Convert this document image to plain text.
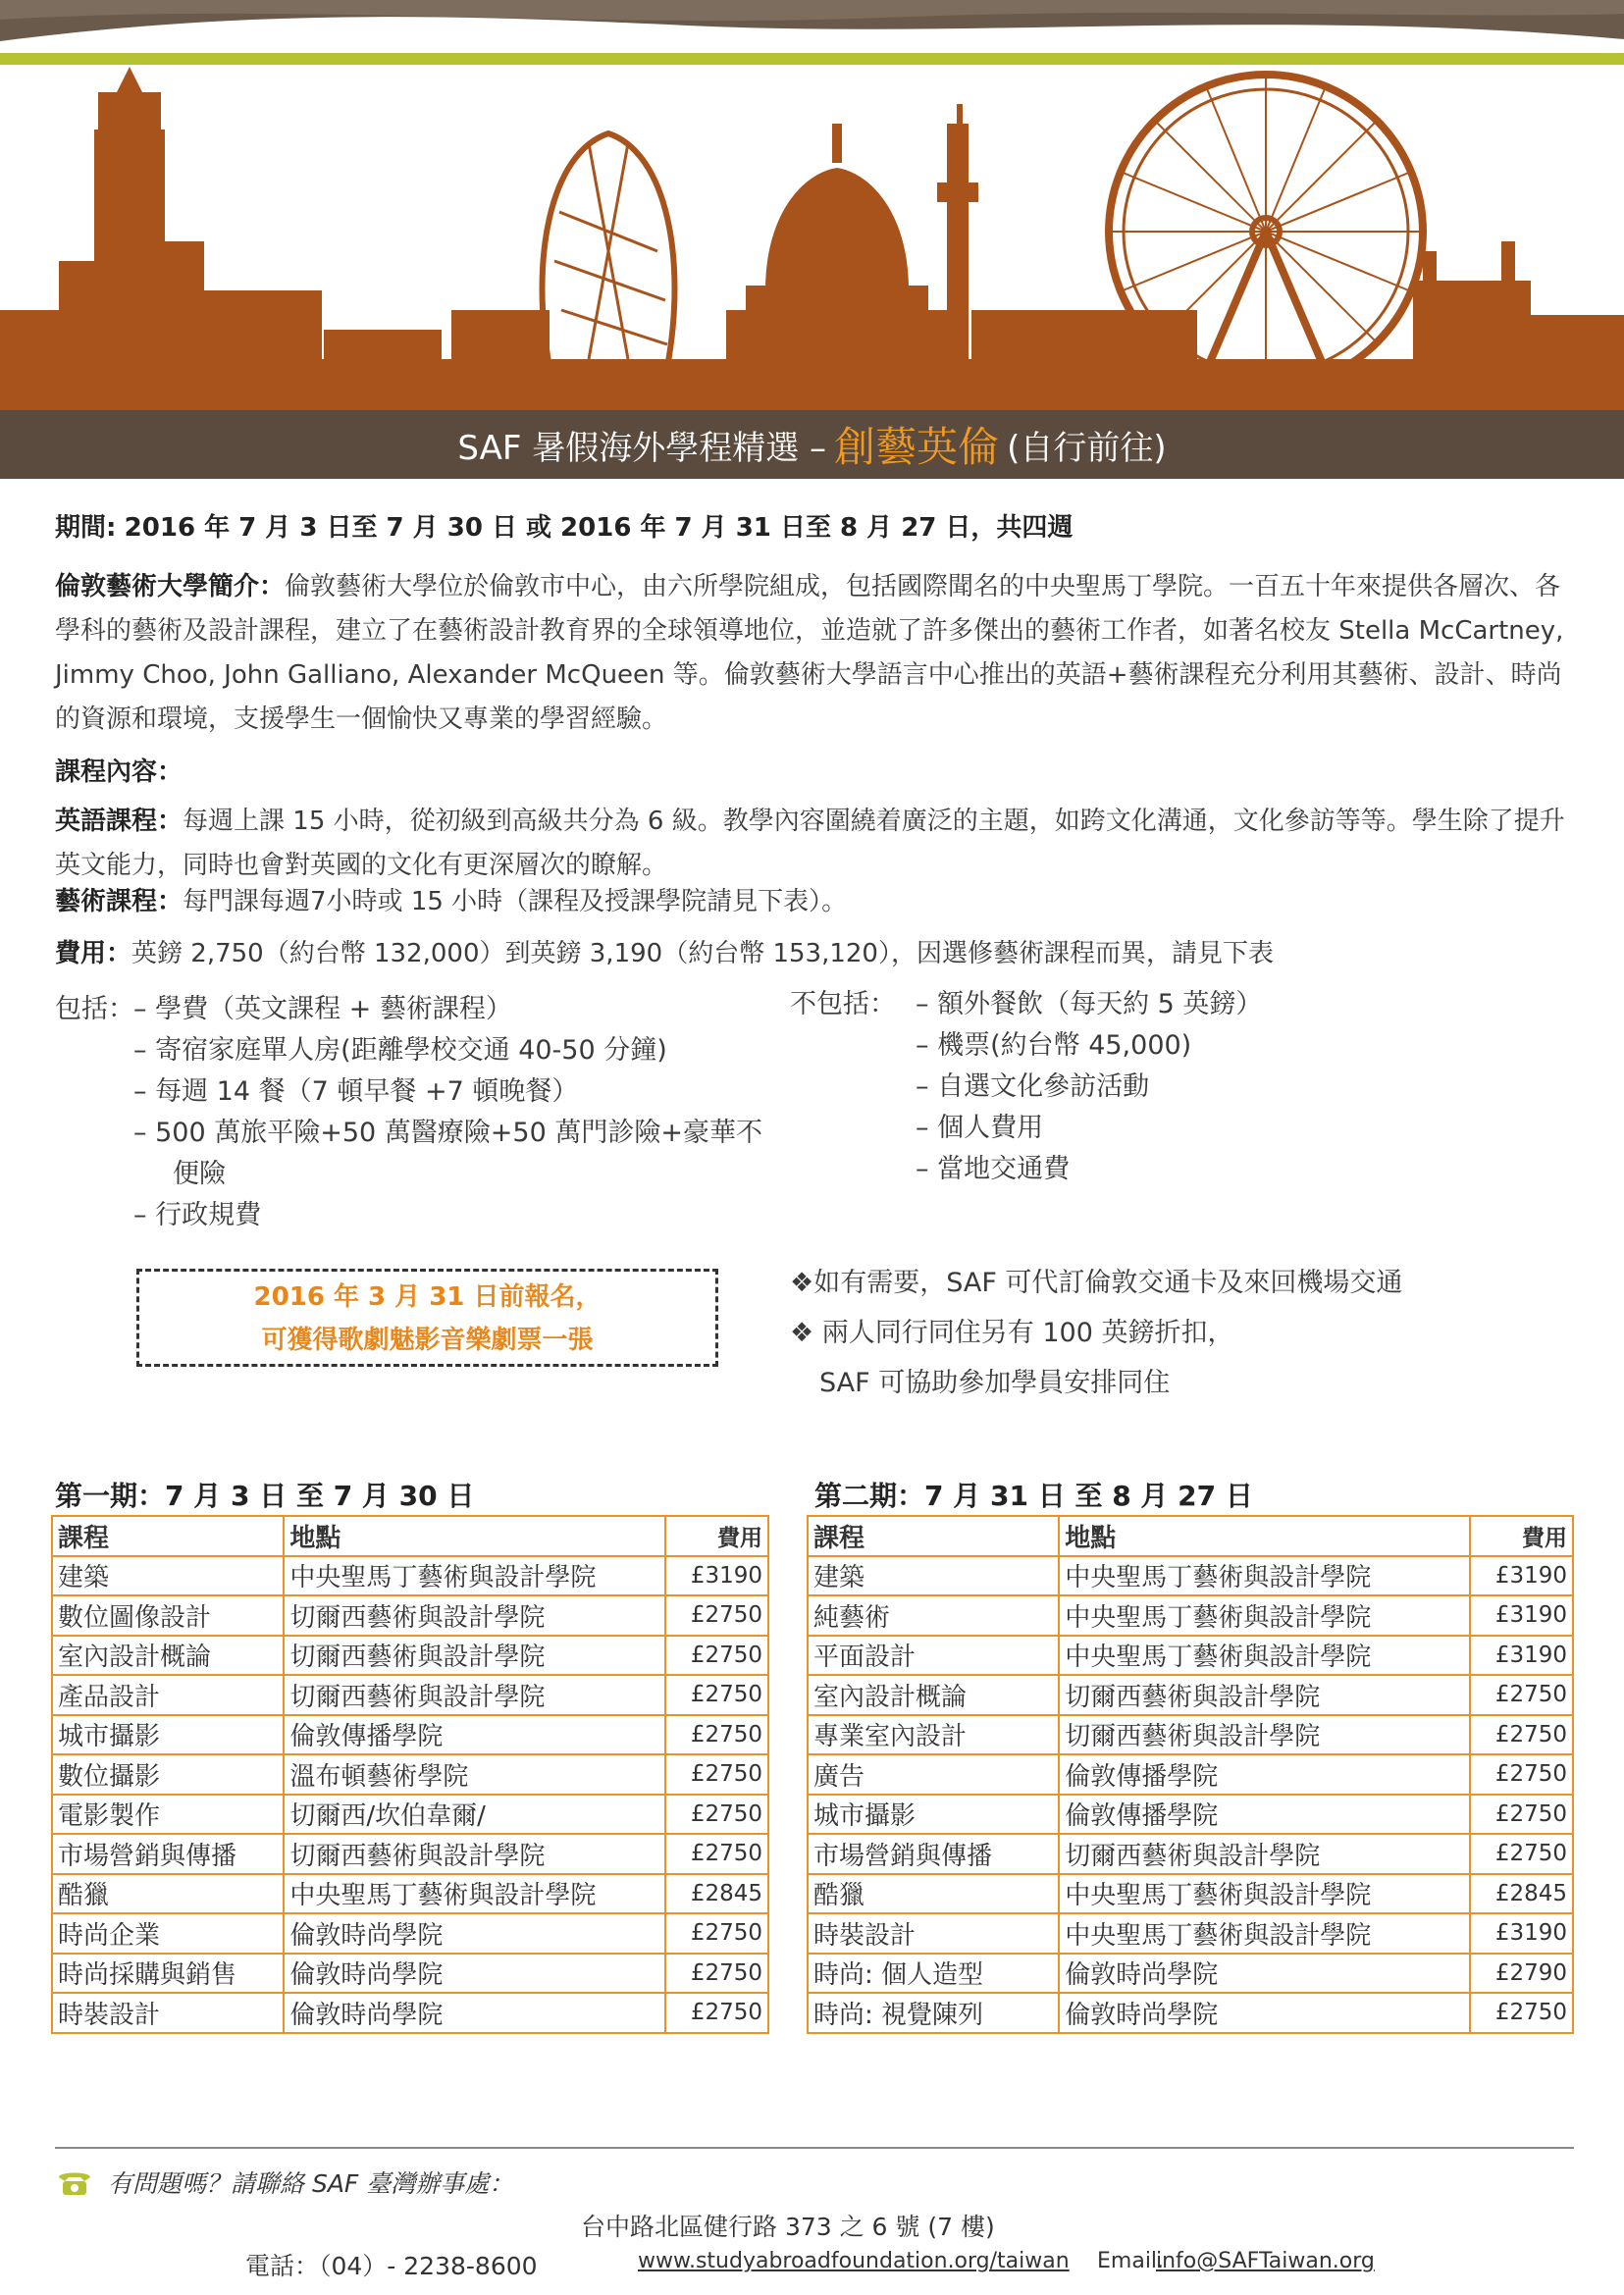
SAF 暑假海外學程精選 – 創藝英倫 (自行前往)
期間: 2016 年 7 月 3 日至 7 月 30 日 或 2016 年 7 月 31 日至 8 月 27 日，共四週
倫敦藝術大學簡介：倫敦藝術大學位於倫敦市中心，由六所學院組成，包括國際聞名的中央聖馬丁學院。一百五十年來提供各層次、各學科的藝術及設計課程，建立了在藝術設計教育界的全球領導地位，並造就了許多傑出的藝術工作者，如著名校友 Stella McCartney, Jimmy Choo, John Galliano, Alexander McQueen 等。倫敦藝術大學語言中心推出的英語+藝術課程充分利用其藝術、設計、時尚的資源和環境，支援學生一個愉快又專業的學習經驗。
課程內容：
英語課程：每週上課 15 小時，從初級到高級共分為 6 級。教學內容圍繞着廣泛的主題，如跨文化溝通，文化參訪等等。學生除了提升英文能力，同時也會對英國的文化有更深層次的瞭解。
藝術課程：每門課每週7小時或 15 小時（課程及授課學院請見下表）。
費用：英鎊 2,750（約台幣 132,000）到英鎊 3,190（約台幣 153,120），因選修藝術課程而異，請見下表
包括： – 學費（英文課程 + 藝術課程）
– 寄宿家庭單人房(距離學校交通 40-50 分鐘)
– 每週 14 餐（7 頓早餐 +7 頓晚餐）
– 500 萬旅平險+50 萬醫療險+50 萬門診險+豪華不
便險
– 行政規費
不包括： – 額外餐飲（每天約 5 英鎊）
– 機票(約台幣 45,000)
– 自選文化參訪活動
– 個人費用
– 當地交通費
2016 年 3 月 31 日前報名，
可獲得歌劇魅影音樂劇票一張
❖如有需要，SAF 可代訂倫敦交通卡及來回機場交通
❖ 兩人同行同住另有 100 英鎊折扣，
SAF 可協助參加學員安排同住
第一期：7 月 3 日 至 7 月 30 日
課程	地點	費用
建築	中央聖馬丁藝術與設計學院	£3190
數位圖像設計	切爾西藝術與設計學院	£2750
室內設計概論	切爾西藝術與設計學院	£2750
產品設計	切爾西藝術與設計學院	£2750
城市攝影	倫敦傳播學院	£2750
數位攝影	溫布頓藝術學院	£2750
電影製作	切爾西/坎伯韋爾/	£2750
市場營銷與傳播	切爾西藝術與設計學院	£2750
酷獵	中央聖馬丁藝術與設計學院	£2845
時尚企業	倫敦時尚學院	£2750
時尚採購與銷售	倫敦時尚學院	£2750
時裝設計	倫敦時尚學院	£2750
第二期：7 月 31 日 至 8 月 27 日
課程	地點	費用
建築	中央聖馬丁藝術與設計學院	£3190
純藝術	中央聖馬丁藝術與設計學院	£3190
平面設計	中央聖馬丁藝術與設計學院	£3190
室內設計概論	切爾西藝術與設計學院	£2750
專業室內設計	切爾西藝術與設計學院	£2750
廣告	倫敦傳播學院	£2750
城市攝影	倫敦傳播學院	£2750
市場營銷與傳播	切爾西藝術與設計學院	£2750
酷獵	中央聖馬丁藝術與設計學院	£2845
時裝設計	中央聖馬丁藝術與設計學院	£3190
時尚: 個人造型	倫敦時尚學院	£2790
時尚: 視覺陳列	倫敦時尚學院	£2750
有問題嗎？請聯絡 SAF 臺灣辦事處：
台中路北區健行路 373 之 6 號 (7 樓)
電話：（04）- 2238-8600	www.studyabroadfoundation.org/taiwan Email.
info@SAFTaiwan.org
